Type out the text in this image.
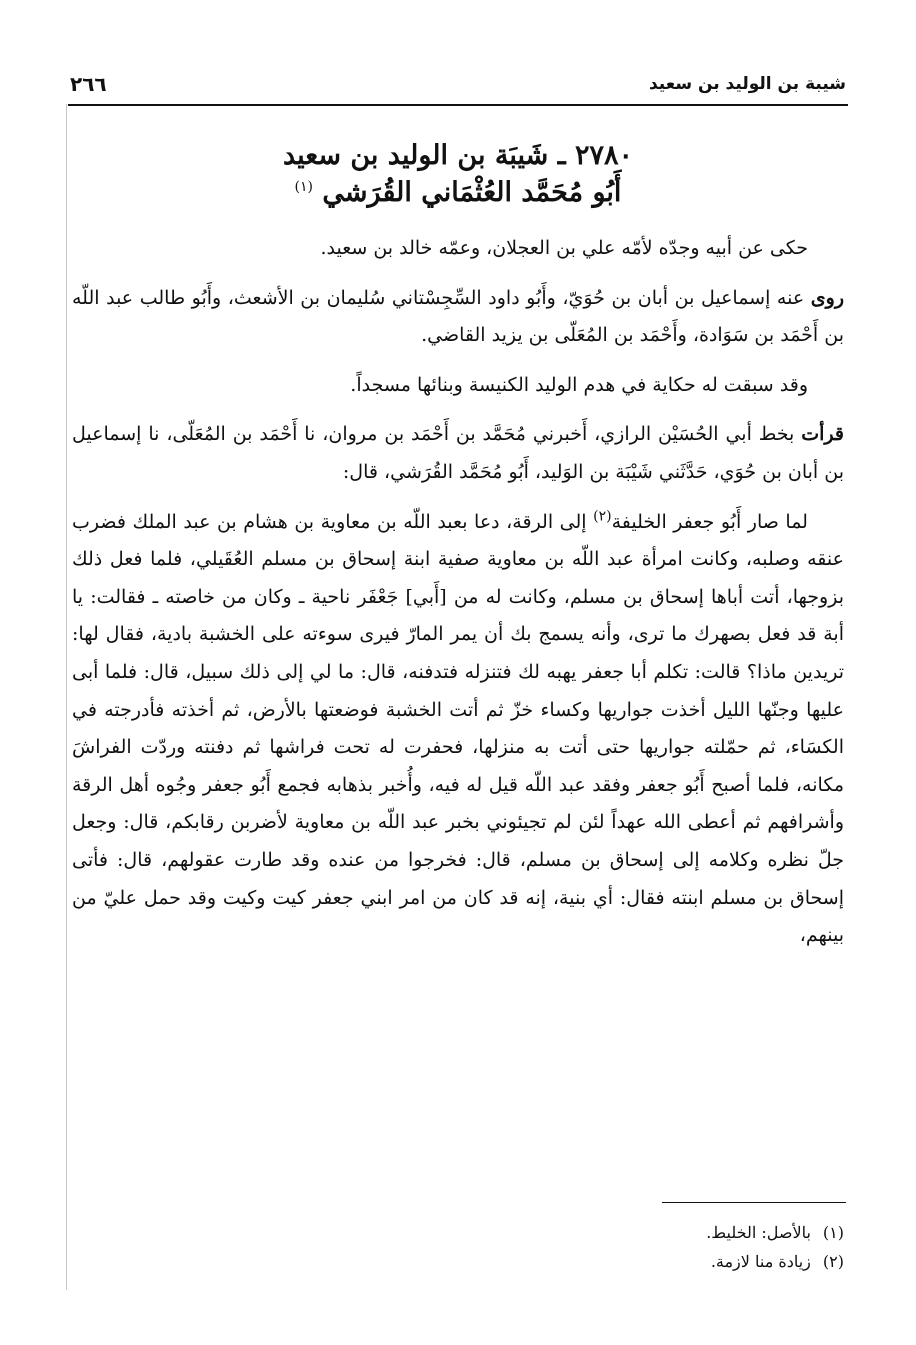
شيبة بن الوليد بن سعيد
٢٦٦
٢٧٨٠ ـ شَيبَة بن الوليد بن سعيد
أَبُو مُحَمَّد العُثْمَاني القُرَشي $^{(١)}$

حكى عن أبيه وجدّه لأمّه علي بن العجلان، وعمّه خالد بن سعيد.

روى عنه إسماعيل بن أبان بن حُوَيّ، وأَبُو داود السِّجِسْتاني سُليمان بن الأشعث، وأَبُو طالب عبد اللّه بن أَحْمَد بن سَوَادة، وأَحْمَد بن المُعَلّى بن يزيد القاضي.

وقد سبقت له حكاية في هدم الوليد الكنيسة وبنائها مسجداً.

قرأت بخط أبي الحُسَيْن الرازي، أَخبرني مُحَمَّد بن أَحْمَد بن مروان، نا أَحْمَد بن المُعَلّى، نا إسماعيل بن أبان بن حُوَي، حَدَّثَني شَيْبَة بن الوَليد، أَبُو مُحَمَّد القُرَشي، قال:

لما صار أَبُو جعفر الخليفة$^{(٢)}$ إلى الرقة، دعا بعبد اللّه بن معاوية بن هشام بن عبد الملك فضرب عنقه وصلبه، وكانت امرأة عبد اللّه بن معاوية صفية ابنة إسحاق بن مسلم العُقَيلي، فلما فعل ذلك بزوجها، أتت أباها إسحاق بن مسلم، وكانت له من [أَبي] جَعْفَر ناحية ـ وكان من خاصته ـ فقالت: يا أبة قد فعل بصهرك ما ترى، وأنه يسمج بك أن يمر المارّ فيرى سوءته على الخشبة بادية، فقال لها: تريدين ماذا؟ قالت: تكلم أبا جعفر يهبه لك فتنزله فتدفنه، قال: ما لي إلى ذلك سبيل، قال: فلما أبى عليها وجنّها الليل أخذت جواريها وكساء خزّ ثم أتت الخشبة فوضعتها بالأرض، ثم أخذته فأدرجته في الكسَاء، ثم حمّلته جواريها حتى أتت به منزلها، فحفرت له تحت فراشها ثم دفنته وردّت الفراشَ مكانه، فلما أصبح أَبُو جعفر وفقد عبد اللّه قيل له فيه، وأُخبر بذهابه فجمع أَبُو جعفر وجُوه أهل الرقة وأشرافهم ثم أعطى الله عهداً لئن لم تجيئوني بخبر عبد اللّه بن معاوية لأضربن رقابكم، قال: وجعل جلّ نظره وكلامه إلى إسحاق بن مسلم، قال: فخرجوا من عنده وقد طارت عقولهم، قال: فأتى إسحاق بن مسلم ابنته فقال: أي بنية، إنه قد كان من امر ابني جعفر كيت وكيت وقد حمل عليّ من بينهم،

(١)بالأصل: الخليط.

(٢)زيادة منا لازمة.
